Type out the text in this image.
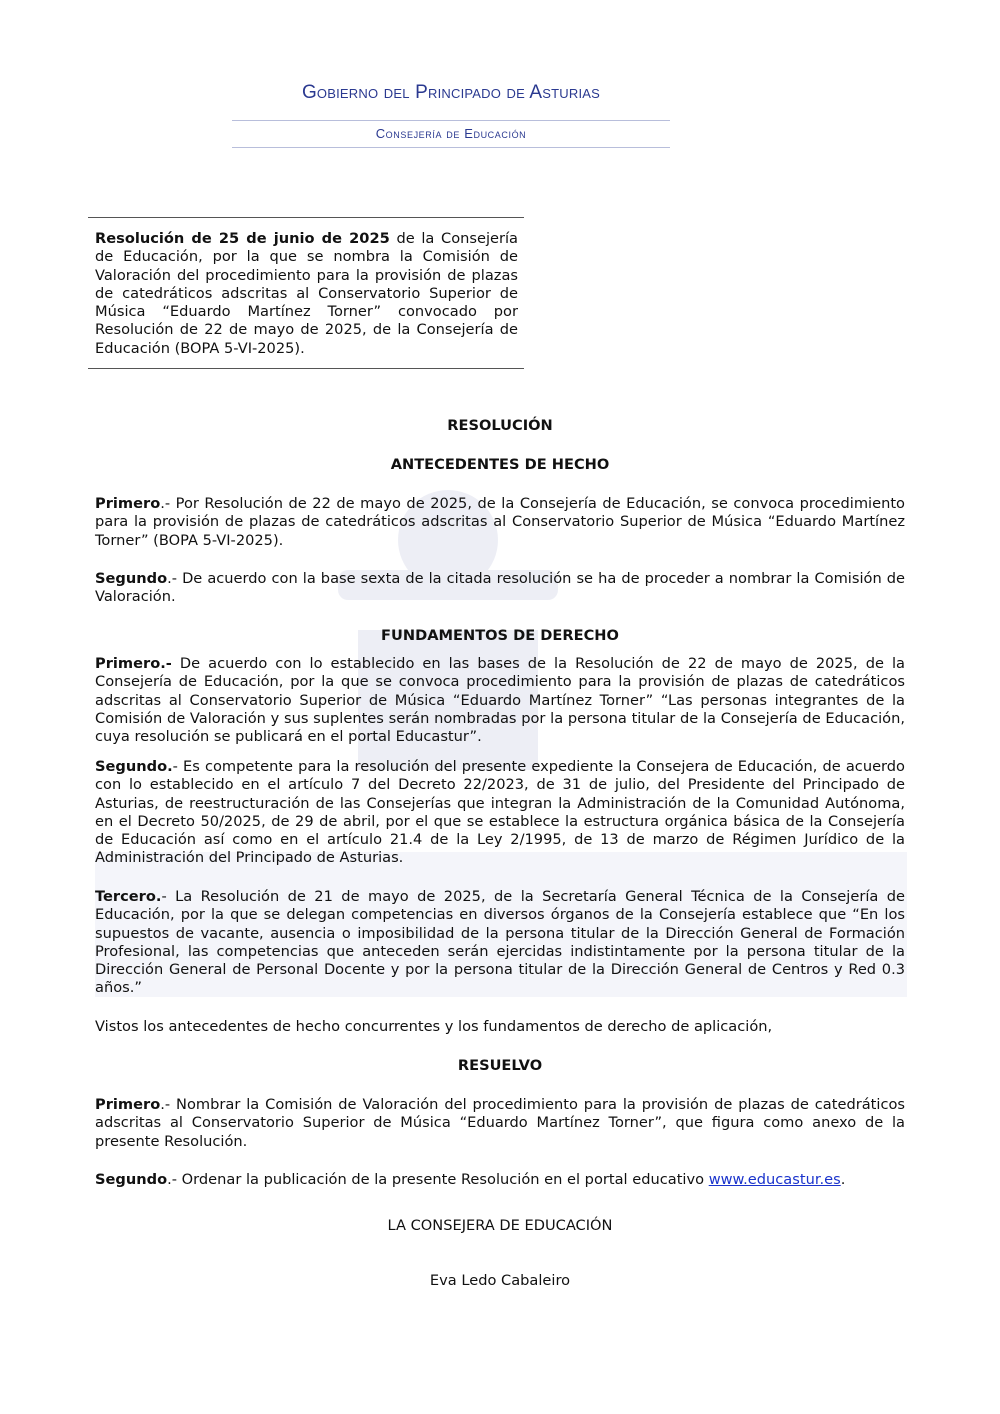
Gobierno del Principado de Asturias
Consejería de Educación

Resolución de 25 de junio de 2025 de la Consejería de Educación, por la que se nombra la Comisión de Valoración del procedimiento para la provisión de plazas de catedráticos adscritas al Conservatorio Superior de Música “Eduardo Martínez Torner” convocado por Resolución de 22 de mayo de 2025, de la Consejería de Educación (BOPA 5-VI-2025).

RESOLUCIÓN

ANTECEDENTES DE HECHO

Primero.- Por Resolución de 22 de mayo de 2025, de la Consejería de Educación, se convoca procedimiento para la provisión de plazas de catedráticos adscritas al Conservatorio Superior de Música “Eduardo Martínez Torner” (BOPA 5-VI-2025).

Segundo.- De acuerdo con la base sexta de la citada resolución se ha de proceder a nombrar la Comisión de Valoración.

FUNDAMENTOS DE DERECHO

Primero.- De acuerdo con lo establecido en las bases de la Resolución de 22 de mayo de 2025, de la Consejería de Educación, por la que se convoca procedimiento para la provisión de plazas de catedráticos adscritas al Conservatorio Superior de Música “Eduardo Martínez Torner” “Las personas integrantes de la Comisión de Valoración y sus suplentes serán nombradas por la persona titular de la Consejería de Educación, cuya resolución se publicará en el portal Educastur”.

Segundo.- Es competente para la resolución del presente expediente la Consejera de Educación, de acuerdo con lo establecido en el artículo 7 del Decreto 22/2023, de 31 de julio, del Presidente del Principado de Asturias, de reestructuración de las Consejerías que integran la Administración de la Comunidad Autónoma, en el Decreto 50/2025, de 29 de abril, por el que se establece la estructura orgánica básica de la Consejería de Educación así como en el artículo 21.4 de la Ley 2/1995, de 13 de marzo de Régimen Jurídico de la Administración del Principado de Asturias.

Tercero.- La Resolución de 21 de mayo de 2025, de la Secretaría General Técnica de la Consejería de Educación, por la que se delegan competencias en diversos órganos de la Consejería establece que “En los supuestos de vacante, ausencia o imposibilidad de la persona titular de la Dirección General de Formación Profesional, las competencias que anteceden serán ejercidas indistintamente por la persona titular de la Dirección General de Personal Docente y por la persona titular de la Dirección General de Centros y Red 0.3 años.”

Vistos los antecedentes de hecho concurrentes y los fundamentos de derecho de aplicación,

RESUELVO

Primero.- Nombrar la Comisión de Valoración del procedimiento para la provisión de plazas de catedráticos adscritas al Conservatorio Superior de Música “Eduardo Martínez Torner”, que figura como anexo de la presente Resolución.

Segundo.- Ordenar la publicación de la presente Resolución en el portal educativo www.educastur.es.

LA CONSEJERA DE EDUCACIÓN

Eva Ledo Cabaleiro
